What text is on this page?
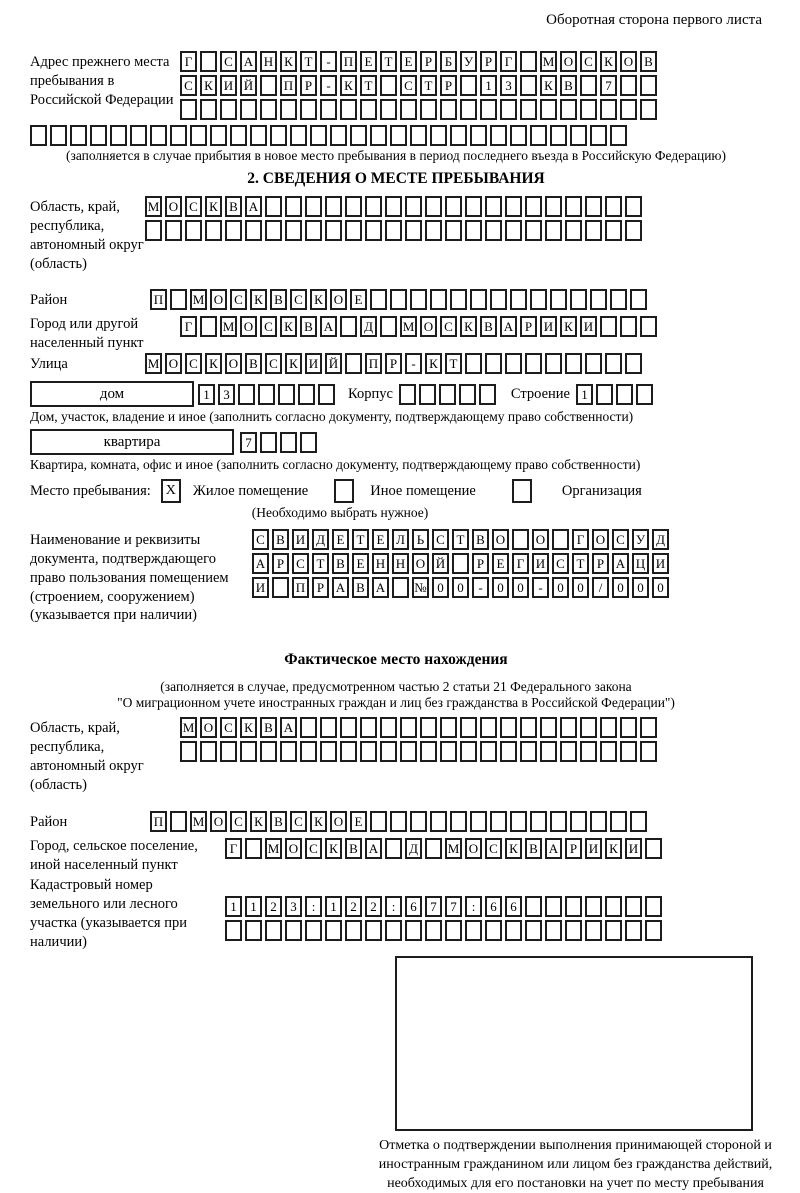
Оборотная сторона первого листа
Адрес прежнего места пребывания в Российской Федерации
Г	С А Н К Т	-	П Е Т Е Р Б У Р Г	М О С К О В
С К И Й П Р	-	К Т	С Т Р	1	3	К В	7
(заполняется в случае прибытия в новое место пребывания в период последнего въезда в Российскую Федерацию)
2. СВЕДЕНИЯ О МЕСТЕ ПРЕБЫВАНИЯ
Область, край, республика, автономный округ (область)
М О С К В А
Район	П М О С К В С К О Е
Город или другой населенный пункт
Г	М О С К В А	Д	М О С К В А Р И К И
Улица	М О С К О В С К И Й П Р	-	К Т
дом	1	3	Корпус	Строение 1
Дом, участок, владение и иное (заполнить согласно документу, подтверждающему право собственности)
квартира	7
Квартира, комната, офис и иное (заполнить согласно документу, подтверждающему право собственности)
Место пребывания:	X	Жилое помещение	Иное помещение	Организация
(Необходимо выбрать нужное)
Наименование и реквизиты документа, подтверждающего право пользования помещением (строением, сооружением) (указывается при наличии)
С В И Д Е Т Е Л Ь С Т В О О	Г О С У Д
А Р С Т В Е Н Н О Й	Р Е Г И С Т Р А Ц И
И П Р А В А № 0	0	-	0	0	-	0	0	/	0	0	0
Фактическое место нахождения
(заполняется в случае, предусмотренном частью 2 статьи 21 Федерального закона
"О миграционном учете иностранных граждан и лиц без гражданства в Российской Федерации")
Область, край, республика, автономный округ (область)
М О С К В А
Район	П М О С К В С К О Е
Город, сельское поселение, иной населенный пункт
Г	М О С К В А	Д	М О С К В А Р И К И
Кадастровый номер земельного или лесного участка (указывается при наличии)
1	1	2	3	:	1	2	2	:	6	7	7	:	6	6
Отметка о подтверждении выполнения принимающей стороной и иностранным гражданином или лицом без гражданства действий, необходимых для его постановки на учет по месту пребывания
